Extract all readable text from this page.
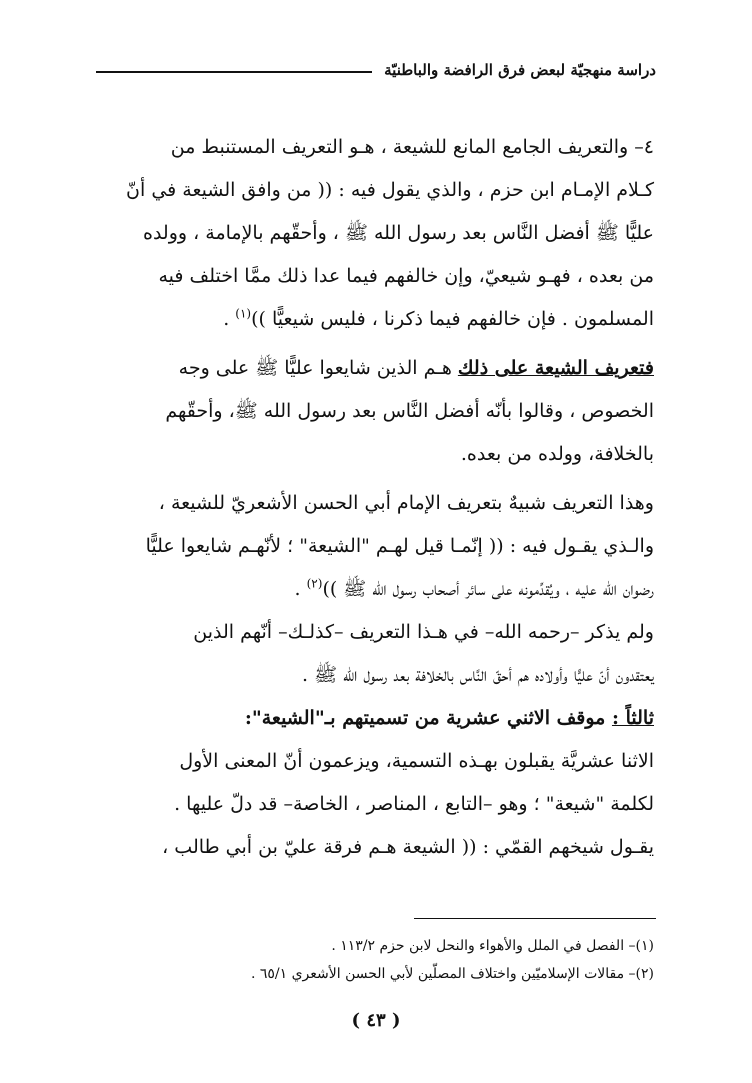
دراسة منهجيّة لبعض فرق الرافضة والباطنيّة

٤– والتعريف الجامع المانع للشيعة ، هـو التعريف المستنبط من

كـلام الإمـام ابن حزم ، والذي يقول فيه : (( من وافق الشيعة في أنّ

عليًّا ﷺ أفضل النَّاس بعد رسول الله ﷺ ، وأحقّهم بالإمامة ، وولده

من بعده ، فهـو شيعيّ، وإن خالفهم فيما عدا ذلك ممَّا اختلف فيه

المسلمون . فإن خالفهم فيما ذكرنا ، فليس شيعيًّا ))$^{(١)}$ .

فتعريف الشيعة على ذلك هـم الذين شايعوا عليًّا ﷺ على وجه

الخصوص ، وقالوا بأنّه أفضل النَّاس بعد رسول الله ﷺ، وأحقّهم

بالخلافة، وولده من بعده.

وهذا التعريف شبيهٌ بتعريف الإمام أبي الحسن الأشعريّ للشيعة ،

والـذي يقـول فيه : (( إنّمـا قيل لهـم "الشيعة" ؛ لأنّهـم شايعوا عليًّا

رضوان الله عليه ، ويُقدِّمونه على سائر أصحاب رسول الله ﷺ ))$^{(٢)}$ .

ولم يذكر –رحمه الله– في هـذا التعريف –كذلـك– أنّهم الذين

يعتقدون أنّ عليًّا وأولاده هم أحقّ النَّاس بالخلافة بعد رسول الله ﷺ .

ثالثاً : موقف الاثني عشرية من تسميتهم بـ"الشيعة":

الاثنا عشريَّة يقبلون بهـذه التسمية، ويزعمون أنّ المعنى الأول

لكلمة "شيعة" ؛ وهو –التابع ، المناصر ، الخاصة– قد دلّ عليها .

يقـول شيخهم القمّي : (( الشيعة هـم فرقة عليّ بن أبي طالب ،

(١)– الفصل في الملل والأهواء والنحل لابن حزم ١١٣/٢ .

(٢)– مقالات الإسلاميّين واختلاف المصلّين لأبي الحسن الأشعري ٦٥/١ .

( ٤٣ )
